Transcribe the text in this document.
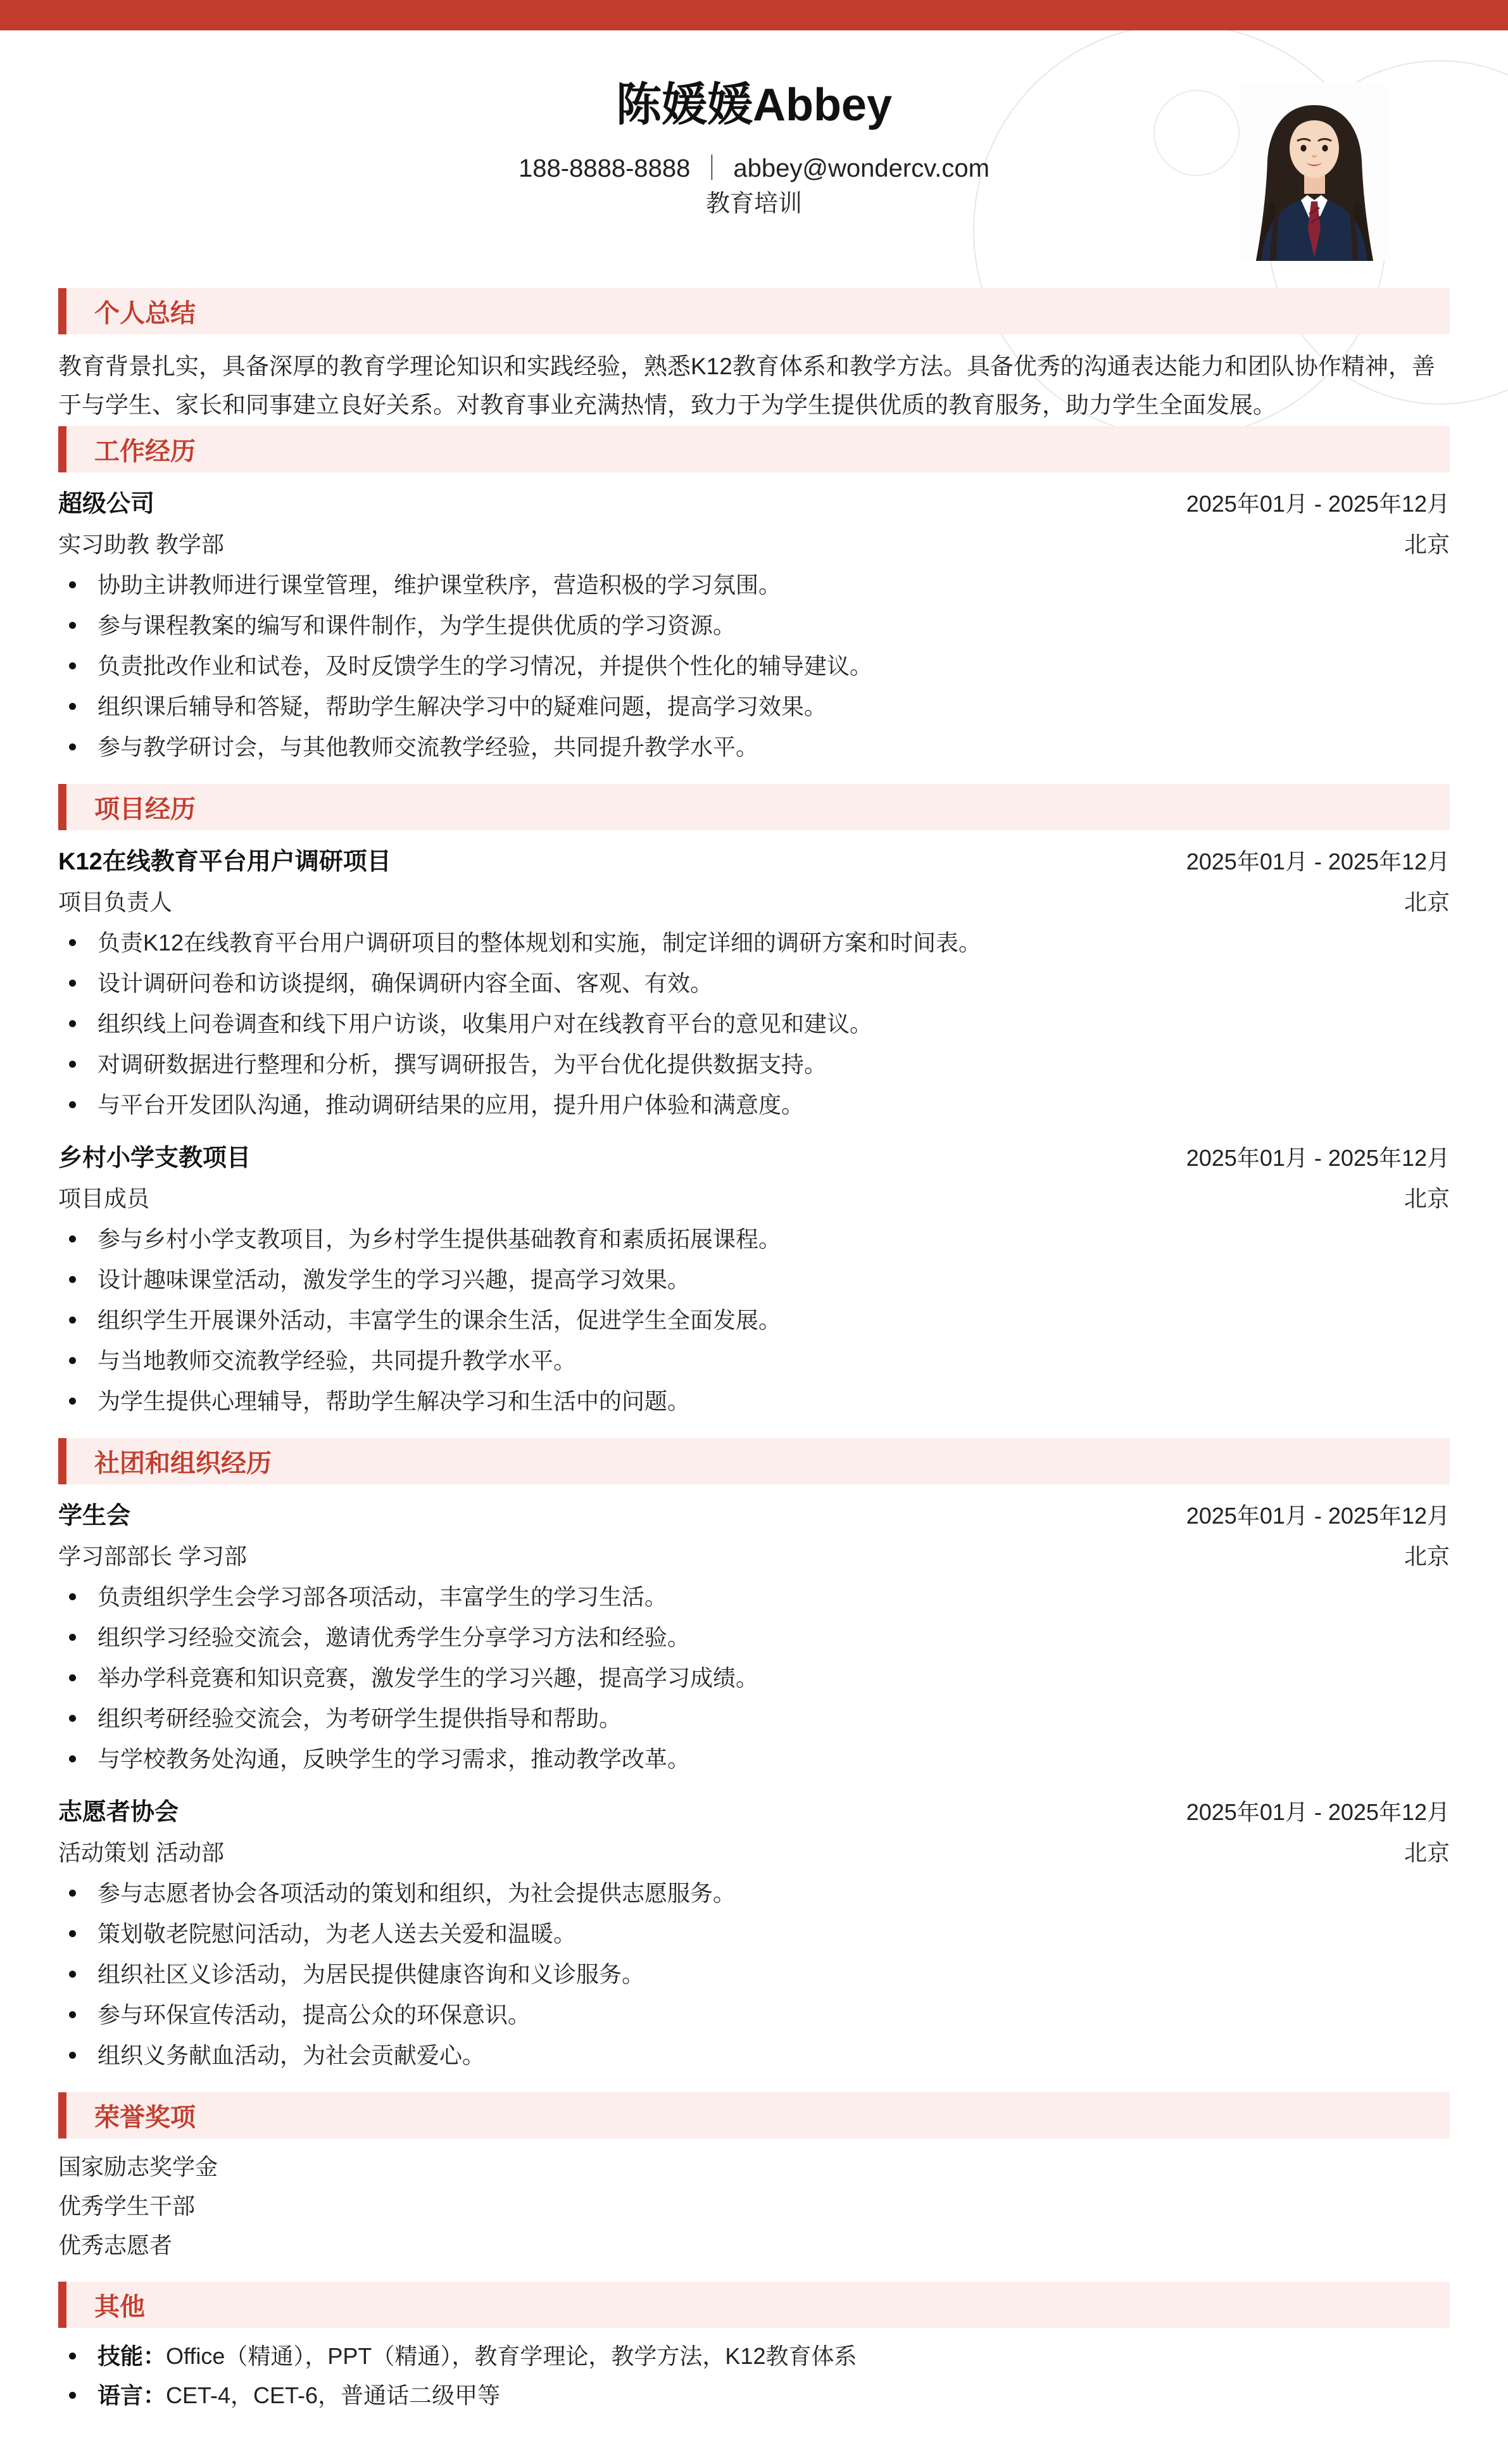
陈媛媛Abbey
188-8888-8888 ｜ abbey@wondercv.com
教育培训
个人总结
教育背景扎实，具备深厚的教育学理论知识和实践经验，熟悉K12教育体系和教学方法。具备优秀的沟通表达能力和团队协作精神，善于与学生、家长和同事建立良好关系。对教育事业充满热情，致力于为学生提供优质的教育服务，助力学生全面发展。
工作经历
超级公司	2025年01月 - 2025年12月
实习助教 教学部	北京
协助主讲教师进行课堂管理，维护课堂秩序，营造积极的学习氛围。
参与课程教案的编写和课件制作，为学生提供优质的学习资源。
负责批改作业和试卷，及时反馈学生的学习情况，并提供个性化的辅导建议。
组织课后辅导和答疑，帮助学生解决学习中的疑难问题，提高学习效果。
参与教学研讨会，与其他教师交流教学经验，共同提升教学水平。
项目经历
K12在线教育平台用户调研项目	2025年01月 - 2025年12月
项目负责人	北京
负责K12在线教育平台用户调研项目的整体规划和实施，制定详细的调研方案和时间表。
设计调研问卷和访谈提纲，确保调研内容全面、客观、有效。
组织线上问卷调查和线下用户访谈，收集用户对在线教育平台的意见和建议。
对调研数据进行整理和分析，撰写调研报告，为平台优化提供数据支持。
与平台开发团队沟通，推动调研结果的应用，提升用户体验和满意度。
乡村小学支教项目	2025年01月 - 2025年12月
项目成员	北京
参与乡村小学支教项目，为乡村学生提供基础教育和素质拓展课程。
设计趣味课堂活动，激发学生的学习兴趣，提高学习效果。
组织学生开展课外活动，丰富学生的课余生活，促进学生全面发展。
与当地教师交流教学经验，共同提升教学水平。
为学生提供心理辅导，帮助学生解决学习和生活中的问题。
社团和组织经历
学生会	2025年01月 - 2025年12月
学习部部长 学习部	北京
负责组织学生会学习部各项活动，丰富学生的学习生活。
组织学习经验交流会，邀请优秀学生分享学习方法和经验。
举办学科竞赛和知识竞赛，激发学生的学习兴趣，提高学习成绩。
组织考研经验交流会，为考研学生提供指导和帮助。
与学校教务处沟通，反映学生的学习需求，推动教学改革。
志愿者协会	2025年01月 - 2025年12月
活动策划 活动部	北京
参与志愿者协会各项活动的策划和组织，为社会提供志愿服务。
策划敬老院慰问活动，为老人送去关爱和温暖。
组织社区义诊活动，为居民提供健康咨询和义诊服务。
参与环保宣传活动，提高公众的环保意识。
组织义务献血活动，为社会贡献爱心。
荣誉奖项
国家励志奖学金
优秀学生干部
优秀志愿者
其他
技能：Office（精通），PPT（精通），教育学理论，教学方法，K12教育体系
语言：CET-4，CET-6，普通话二级甲等
